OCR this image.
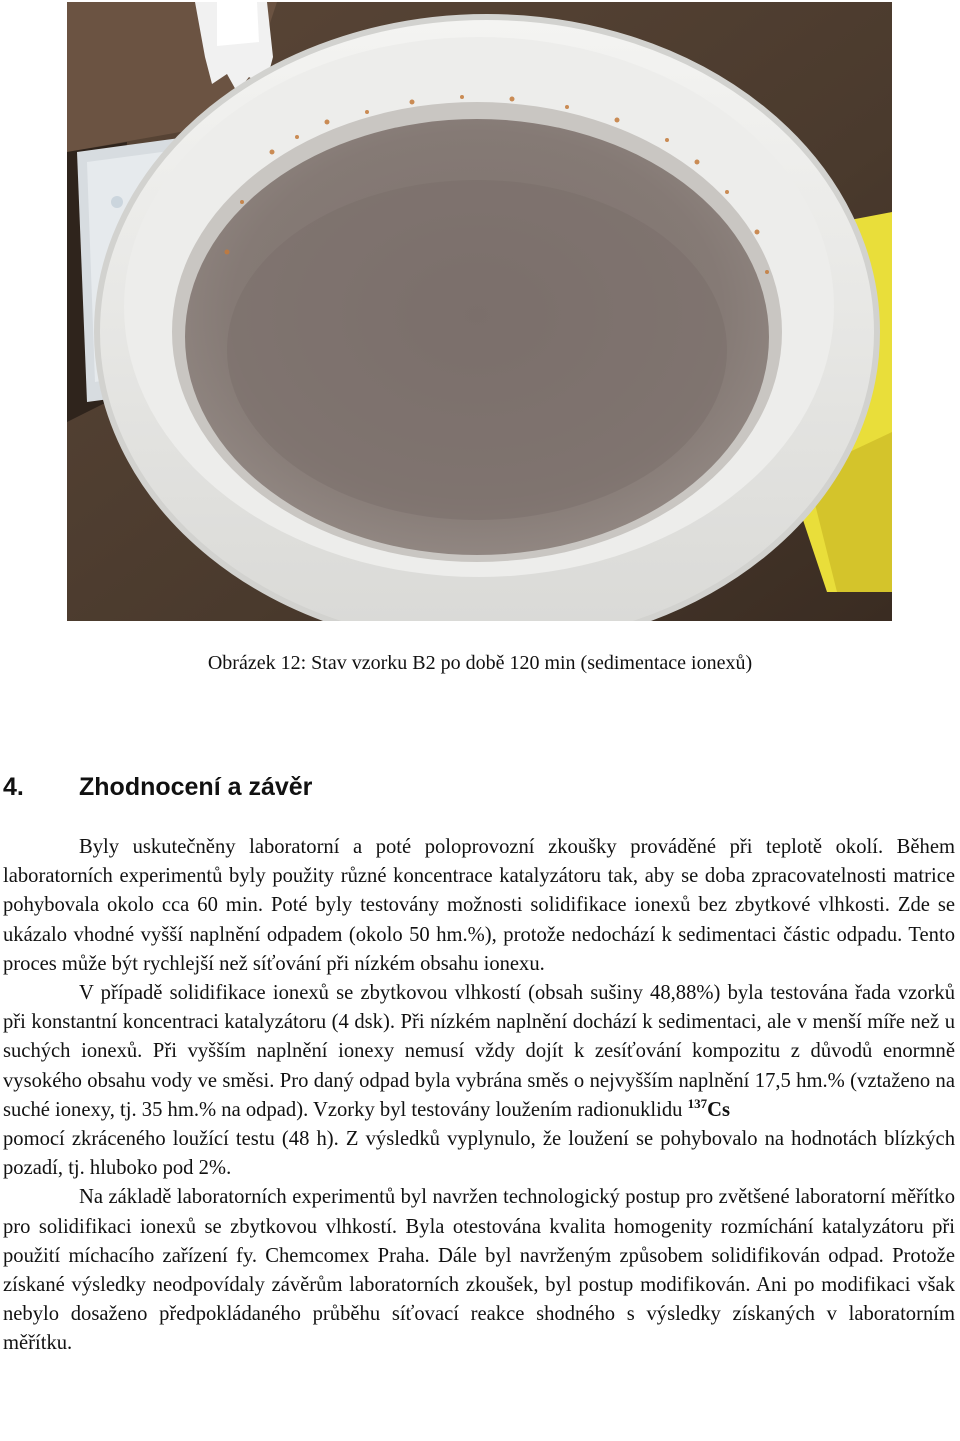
Obrázek 12: Stav vzorku B2 po době 120 min (sedimentace ionexů)
4. Zhodnocení a závěr

Byly uskutečněny laboratorní a poté poloprovozní zkoušky prováděné při teplotě okolí. Během laboratorních experimentů byly použity různé koncentrace katalyzátoru tak, aby se doba zpracovatelnosti matrice pohybovala okolo cca 60 min. Poté byly testovány možnosti solidifikace ionexů bez zbytkové vlhkosti. Zde se ukázalo vhodné vyšší naplnění odpadem (okolo 50 hm.%), protože nedochází k sedimentaci částic odpadu. Tento proces může být rychlejší než síťování při nízkém obsahu ionexu.

V případě solidifikace ionexů se zbytkovou vlhkostí (obsah sušiny 48,88%) byla testována řada vzorků při konstantní koncentraci katalyzátoru (4 dsk). Při nízkém naplnění dochází k sedimentaci, ale v menší míře než u suchých ionexů. Při vyšším naplnění ionexy nemusí vždy dojít k zesíťování kompozitu z důvodů enormně vysokého obsahu vody ve směsi. Pro daný odpad byla vybrána směs o nejvyšším naplnění 17,5 hm.% (vztaženo na suché ionexy, tj. 35 hm.% na odpad). Vzorky byl testovány loužením radionuklidu $^{137}$Cs

pomocí zkráceného loužící testu (48 h). Z výsledků vyplynulo, že loužení se pohybovalo na hodnotách blízkých pozadí, tj. hluboko pod 2%.

Na základě laboratorních experimentů byl navržen technologický postup pro zvětšené laboratorní měřítko pro solidifikaci ionexů se zbytkovou vlhkostí. Byla otestována kvalita homogenity rozmíchání katalyzátoru při použití míchacího zařízení fy. Chemcomex Praha. Dále byl navrženým způsobem solidifikován odpad. Protože získané výsledky neodpovídaly závěrům laboratorních zkoušek, byl postup modifikován. Ani po modifikaci však nebylo dosaženo předpokládaného průběhu síťovací reakce shodného s výsledky získaných v laboratorním měřítku.
